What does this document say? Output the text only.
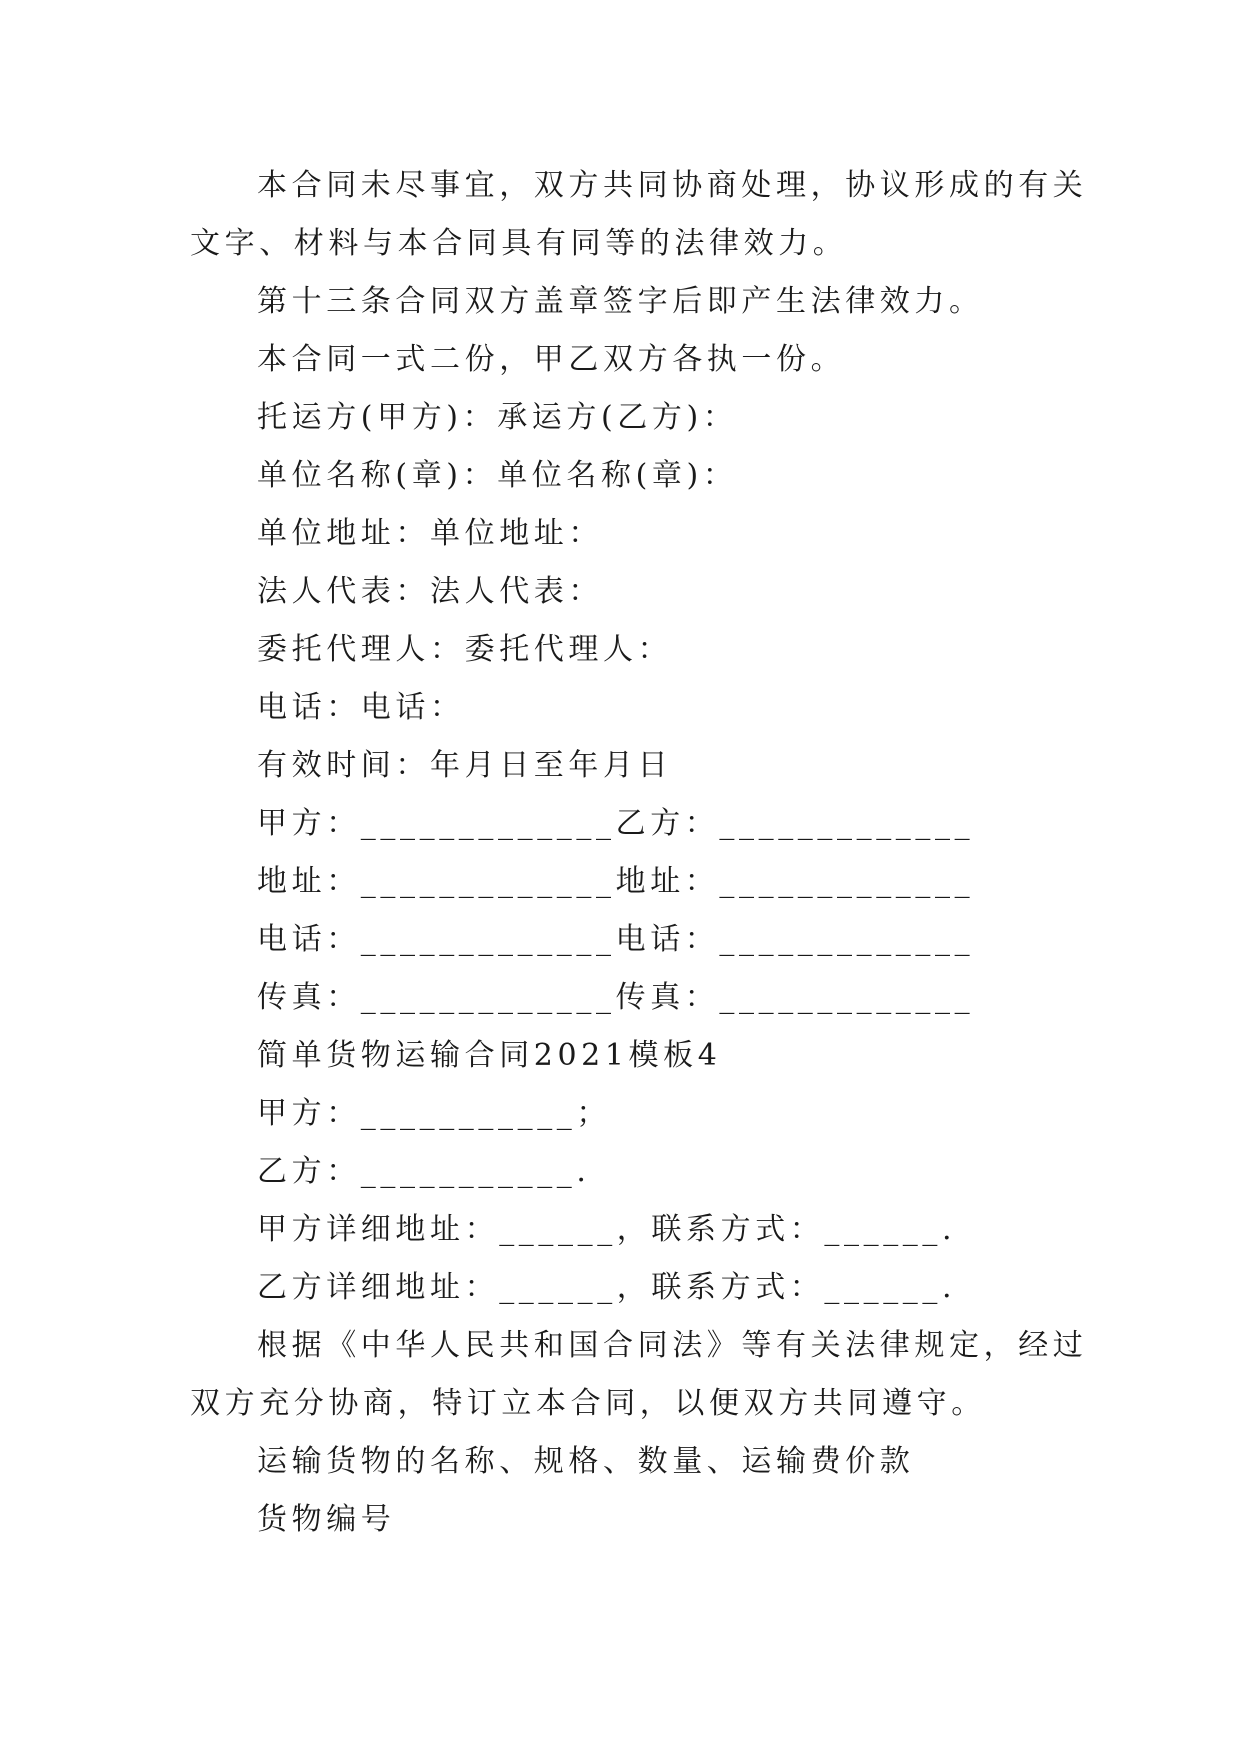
本合同未尽事宜，双方共同协商处理，协议形成的有关
文字、材料与本合同具有同等的法律效力。
第十三条合同双方盖章签字后即产生法律效力。
本合同一式二份，甲乙双方各执一份。
托运方(甲方)：承运方(乙方)：
单位名称(章)：单位名称(章)：
单位地址：单位地址：
法人代表：法人代表：
委托代理人：委托代理人：
电话：电话：
有效时间：年月日至年月日
甲方：_____________乙方：_____________
地址：_____________地址：_____________
电话：_____________电话：_____________
传真：_____________传真：_____________
简单货物运输合同2021模板4
甲方：___________；
乙方：___________.
甲方详细地址：______，联系方式：______.
乙方详细地址：______，联系方式：______.
根据《中华人民共和国合同法》等有关法律规定，经过
双方充分协商，特订立本合同，以便双方共同遵守。
运输货物的名称、规格、数量、运输费价款
货物编号
